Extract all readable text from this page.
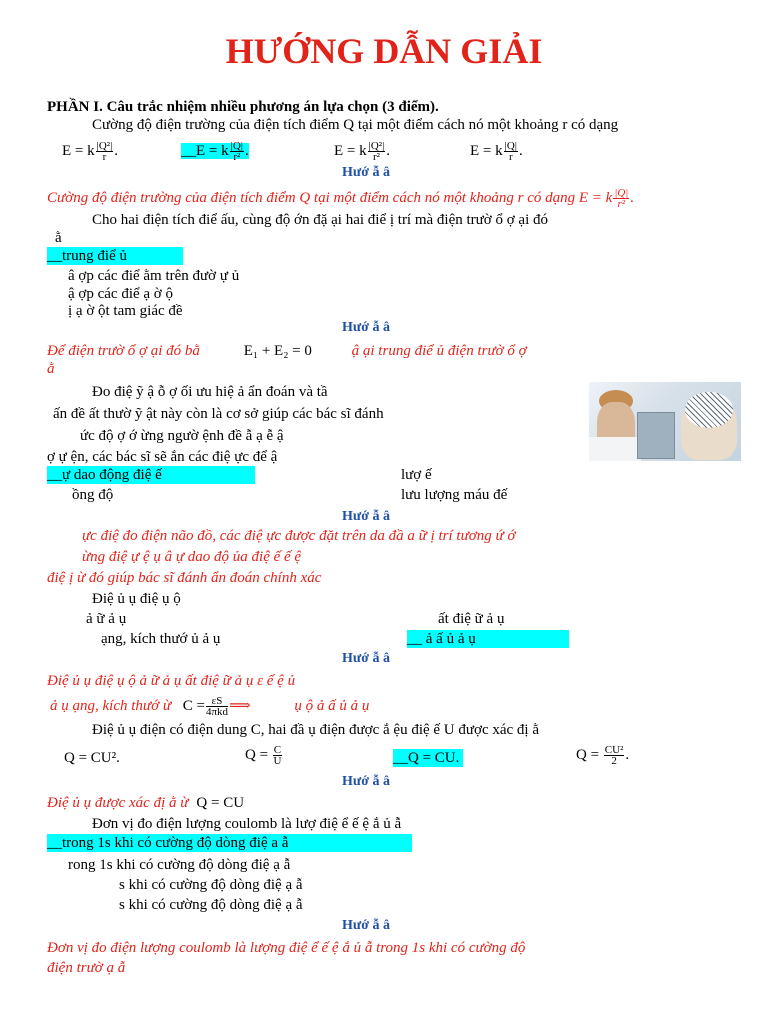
HƯỚNG DẪN GIẢI
PHẦN I. Câu trắc nhiệm nhiều phương án lựa chọn (3 điểm).
Cường độ điện trường của điện tích điểm Q tại một điểm cách nó một khoảng r có dạng
E = k $\frac{\text{|Q²|}}{r}$ .	__E = k $\frac{|Q|}{\text{r²}}$ .	E = k $\frac{\text{|Q²|}}{\text{r²}}$ .	E = k $\frac{|Q|}{r}$ .
Hướ ẫ â
Cường độ điện trường của điện tích điểm Q tại một điểm cách nó một khoảng r có dạng E = k $\frac{|Q|}{\text{r²}}$ .
Cho hai điện tích điể ấu, cùng độ ớn đặ ại hai điể ị trí mà điện trườ ổ ợ ại đó
ằ
__trung điể ủ
â ợp các điể ằm trên đườ ự ủ
ậ ợp các điể ạ ờ ộ
ị ạ ờ ột tam giác đề
Hướ ẫ â
Để điện trườ ổ ợ ại đó bằ	E₁ + E₂ = 0	ậ ại trung điể ủ điện trườ ổ ợ
ằ
Đo điệ ỹ ậ ỗ ợ ối ưu hiệ ả ẩn đoán và tầ
ấn đề ất thườ ỹ ật này còn là cơ sở giúp các bác sĩ đánh
ức độ ợ ớ ừng ngườ ệnh đề ẫ ạ ễ ậ
ợ ự ện, các bác sĩ sẽ ắn các điệ ực để ậ
__ự dao động điệ ế	lượ ế
ồng độ	lưu lượng máu đế
Hướ ẫ â
ực điệ đo điện não đồ, các điệ ực được đặt trên da đầ a ữ ị trí tương ứ ớ
ừng điệ ự ệ ụ â ự dao độ ủa điệ ế ế ệ
điệ ị ừ đó giúp bác sĩ đánh ẩn đoán chính xác
Điệ ủ ụ điệ ụ ộ
ả ữ ả ụ	ất điệ ữ ả ụ
ạng, kích thướ ủ ả ụ	__ ả ấ ủ ả ụ
Hướ ẫ â
Điệ ủ ụ điệ ụ ộ ả ữ ả ụ ất điệ ữ ả ụ ε ế ệ ủ
ả ụ ạng, kích thướ ừ $C = \frac{\varepsilon S}{\text{4πkd}}$ ⟹	ụ ộ ả ấ ủ ả ụ
Điệ ủ ụ điện có điện dung C, hai đầ ụ điện được ắ ệu điệ ế U được xác đị ằ
Q = CU².	$Q = \frac{C}{U}$	__Q = CU.	$Q = \frac{\text{CU²}}{2}$ .
Hướ ẫ â
Điệ ủ ụ được xác đị ằ ừ Q = CU
Đơn vị đo điện lượng coulomb là lượ điệ ể ế ệ ắ ủ ẫ
__trong 1s khi có cường độ dòng điệ a ẫ
rong 1s khi có cường độ dòng điệ ạ ẫ
s khi có cường độ dòng điệ ạ ẫ
s khi có cường độ dòng điệ ạ ẫ
Hướ ẫ â
Đơn vị đo điện lượng coulomb là lượng điệ ể ế ệ ắ ủ ẫ trong 1s khi có cường độ
điện trườ ạ ẫ
